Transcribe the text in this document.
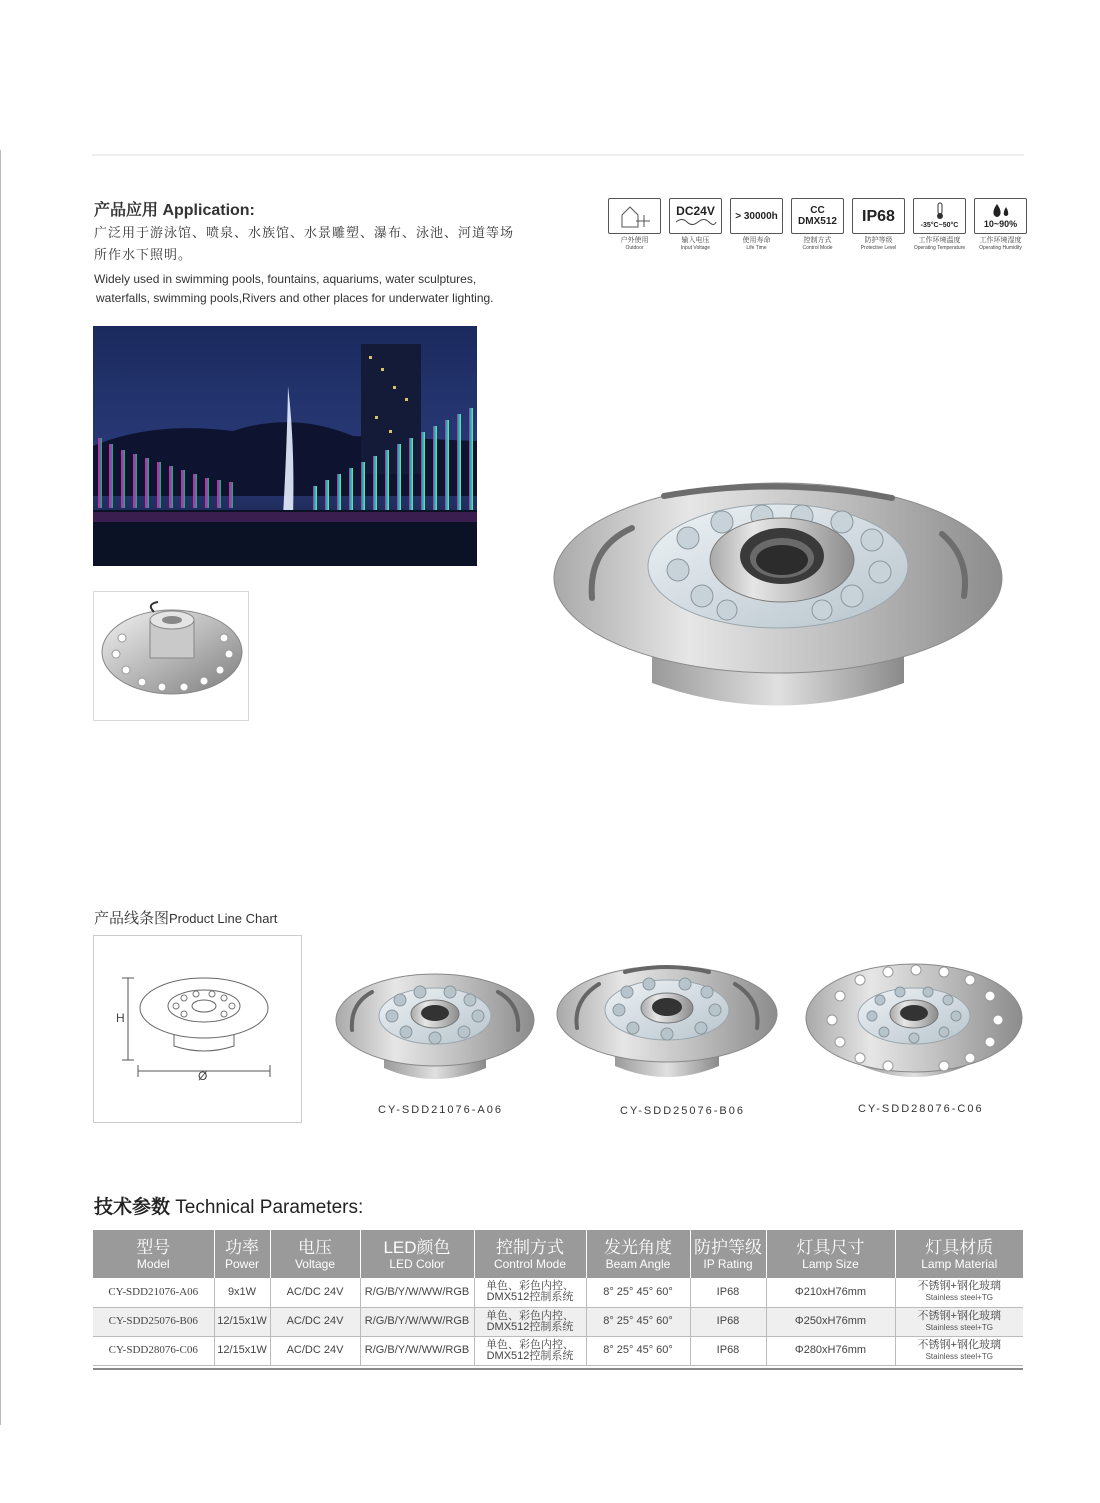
产品应用 Application:
广泛用于游泳馆、喷泉、水族馆、水景雕塑、瀑布、泳池、河道等场所作水下照明。
Widely used in swimming pools, fountains, aquariums, water sculptures,
waterfalls, swimming pools,Rivers and other places for underwater lighting.
户外使用
Outdoor
DC24V
输入电压
Input Voltage
> 30000h
使用寿命
Life Time
CC
DMX512
控制方式
Control Mode
IP68
防护等级
Protective Level
-35°C~50°C
工作环境温度
Operating Temperature
10~90%
工作环境湿度
Operating Humidity
产品线条图Product Line Chart
H
Ø
CY-SDD21076-A06	CY-SDD25076-B06	CY-SDD28076-C06
技术参数 Technical Parameters:
型号
Model	功率
Power	电压
Voltage	LED颜色
LED Color	控制方式
Control Mode	发光角度
Beam Angle	防护等级
IP Rating	灯具尺寸
Lamp Size	灯具材质
Lamp Material

CY-SDD21076-A06	9x1W	AC/DC 24V	R/G/B/Y/W/WW/RGB	单色、彩色内控、
DMX512控制系统	8° 25° 45° 60°	IP68	Φ210xH76mm	不锈钢+钢化玻璃
Stainless steel+TG

CY-SDD25076-B06	12/15x1W	AC/DC 24V	R/G/B/Y/W/WW/RGB	单色、彩色内控、
DMX512控制系统	8° 25° 45° 60°	IP68	Φ250xH76mm	不锈钢+钢化玻璃
Stainless steel+TG

CY-SDD28076-C06	12/15x1W	AC/DC 24V	R/G/B/Y/W/WW/RGB	单色、彩色内控、
DMX512控制系统	8° 25° 45° 60°	IP68	Φ280xH76mm	不锈钢+钢化玻璃
Stainless steel+TG
